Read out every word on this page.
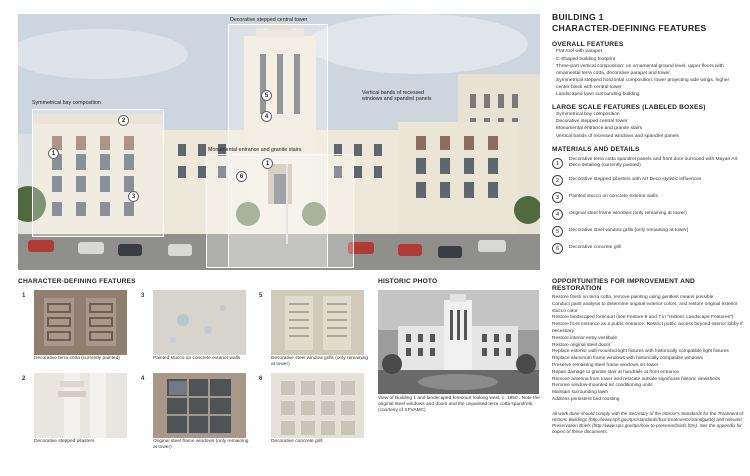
Decorative stepped central tower
Symmetrical bay composition
Vertical bands of recessed windows and spandrel panels
Monumental entrance and granite stairs
1
2
3
5
4
1
6
BUILDING 1
CHARACTER-DEFINING FEATURES
OVERALL FEATURES
Flat roof with parapet
C-Shaped building footprint
Three-part vertical composition: un ornamental ground level, upper floors with ornamental terra cotta, decorative parapet and tower
Symmetrical stepped horizontal composition: lower projecting side wings, higher center block with central tower
Landscaped lawn surrounding building
LARGE SCALE FEATURES (LABELED BOXES)
Symmetrical bay composition
Decorative stepped central tower
Monumental entrance and granite stairs
Vertical bands of recessed windows and spandrel panels
MATERIALS AND DETAILS
1
Decorative terra cotta spandrel panels and front door surround with Mayan Art Deco detailing (currently painted)
2	Decorative stepped pilasters with Art Deco stylistic influences
3	Painted stucco on concrete exterior walls
4	Original steel frame windows (only remaining at tower)
5	Decorative steel window grills (only remaining at tower)
6	Decorative concrete grill
OPPORTUNITIES FOR IMPROVEMENT AND RESTORATION
Restore finish on terra cotta, remove painting using gentlest means possible
Conduct paint analysis to determine original exterior colors, and restore original exterior stucco color
Restore landscaped forecourt (see Feature 6 and 7 in "Historic Landscape Features")
Restore front entrance as a public entrance. Restrict public access beyond interior lobby if necessary.
Restore interior entry vestibule
Restore original steel doors
Replace exterior wall-mounted light fixtures with historically compatible light fixtures
Replace aluminum frame windows with historically compatible windows
Preserve remaining steel frame windows on-tower
Repair damage to granite stair at handrails at front entrance
Remove antenna from tower and relocate outside significant historic viewsheds
Remove window-mounted air conditioning units
Maintain surrounding lawn
Address persistent bird roosting
All work done should comply with the Secretary of the Interior's Standards for the Treatment of Historic Buildings (http://www.nps.gov/tps/standards/four-treatments/standguide) and relevant Preservation Briefs (http://www.nps.gov/tps/how-to-preserve/briefs.htm). See the appendix for copies of these documents.
CHARACTER-DEFINING FEATURES
1
Decorative terra cotta (currently painted)
3
Painted stucco on concrete exterior walls
5
Decorative steel window grills (only remaining at tower)
2
Decorative stepped pilasters
4
Original steel frame windows (only remaining at tower)
6
Decorative concrete grill
HISTORIC PHOTO
View of Building 1 and landscaped forecourt looking west, c. 1950 . Note the original steel windows and doors and the unpainted terra cotta spandrels. (courtesy of SFVAMC)
